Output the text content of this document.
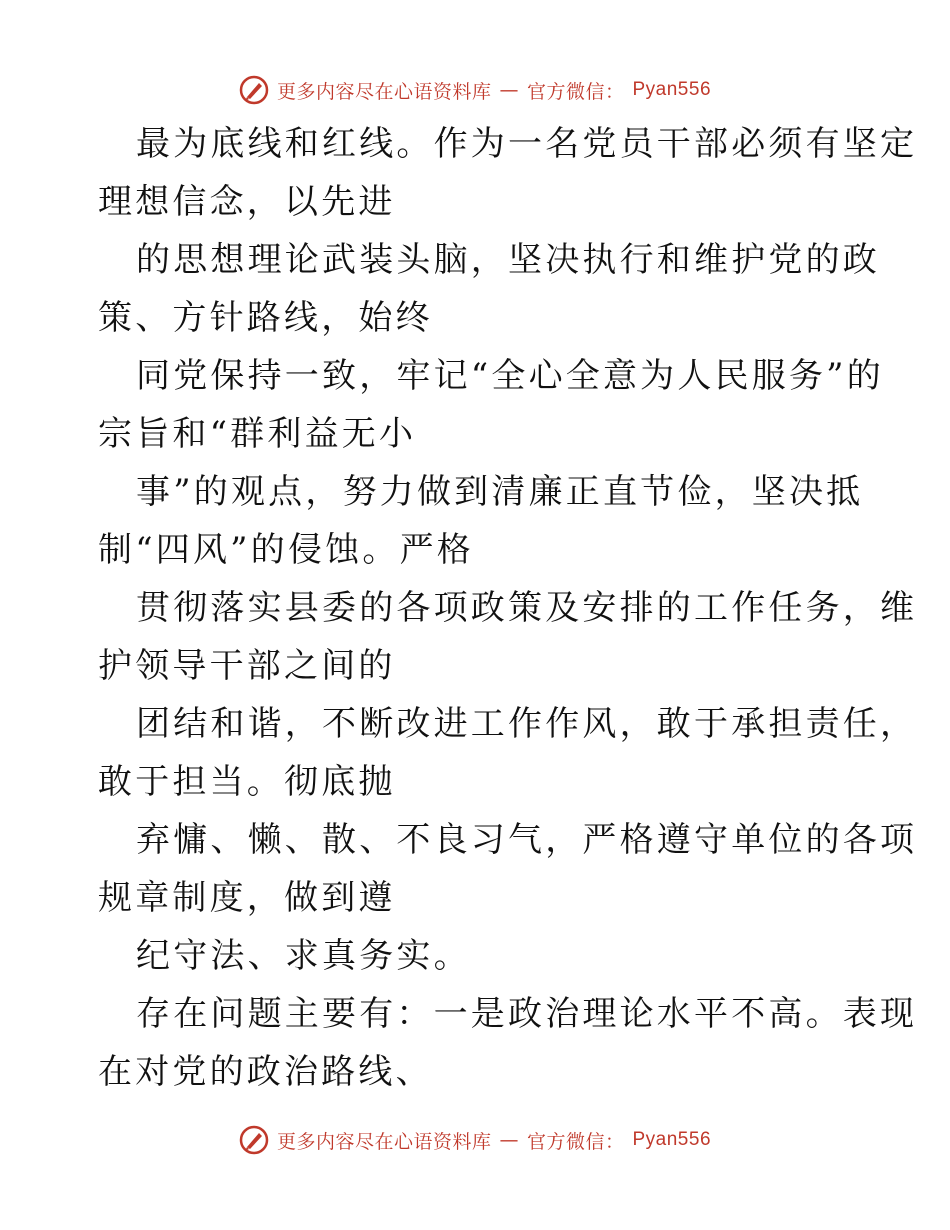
更多内容尽在心语资料库 — 官方微信： Pyan556
最为底线和红线。作为一名党员干部必须有坚定
理想信念，以先进
的思想理论武装头脑，坚决执行和维护党的政
策、方针路线，始终
同党保持一致，牢记“全心全意为人民服务”的
宗旨和“群利益无小
事”的观点，努力做到清廉正直节俭，坚决抵
制“四风”的侵蚀。严格
贯彻落实县委的各项政策及安排的工作任务，维
护领导干部之间的
团结和谐，不断改进工作作风，敢于承担责任，
敢于担当。彻底抛
弃慵、懒、散、不良习气，严格遵守单位的各项
规章制度，做到遵
纪守法、求真务实。
存在问题主要有：一是政治理论水平不高。表现
在对党的政治路线、
更多内容尽在心语资料库 — 官方微信： Pyan556
